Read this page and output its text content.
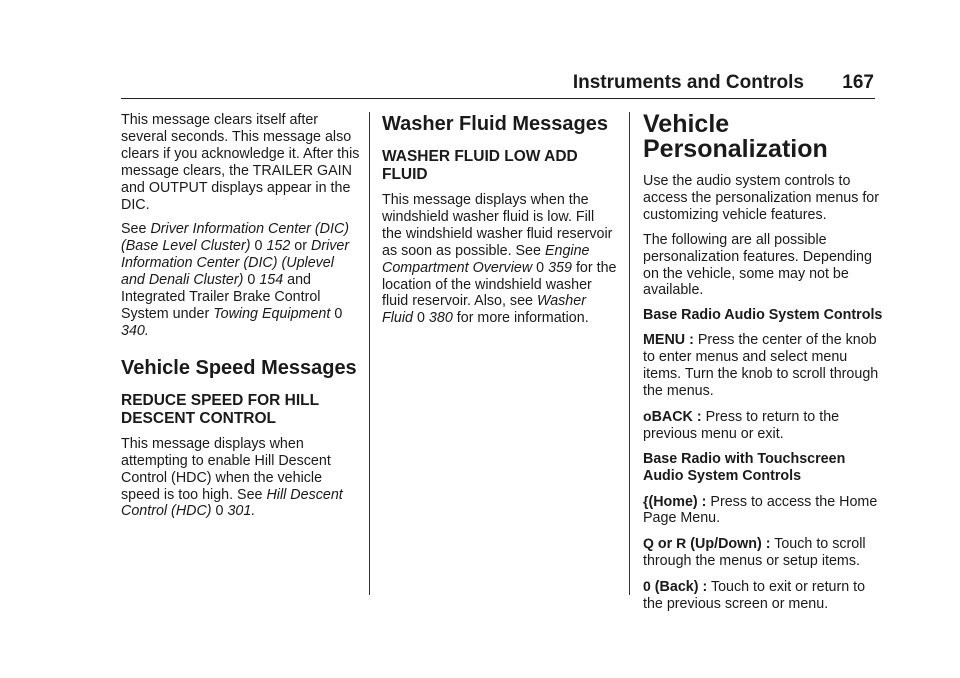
Instruments and Controls 167

This message clears itself after several seconds. This message also clears if you acknowledge it. After this message clears, the TRAILER GAIN and OUTPUT displays appear in the DIC.

See Driver Information Center (DIC) (Base Level Cluster) 0 152 or Driver Information Center (DIC) (Uplevel and Denali Cluster) 0 154 and Integrated Trailer Brake Control System under Towing Equipment 0 340.

Vehicle Speed Messages
REDUCE SPEED FOR HILL DESCENT CONTROL

This message displays when attempting to enable Hill Descent Control (HDC) when the vehicle speed is too high. See Hill Descent Control (HDC) 0 301.

Washer Fluid Messages
WASHER FLUID LOW ADD FLUID

This message displays when the windshield washer fluid is low. Fill the windshield washer fluid reservoir as soon as possible. See Engine Compartment Overview 0 359 for the location of the windshield washer fluid reservoir. Also, see Washer Fluid 0 380 for more information.

Vehicle Personalization

Use the audio system controls to access the personalization menus for customizing vehicle features.

The following are all possible personalization features. Depending on the vehicle, some may not be available.

Base Radio Audio System Controls

MENU : Press the center of the knob to enter menus and select menu items. Turn the knob to scroll through the menus.

oBACK : Press to return to the previous menu or exit.

Base Radio with Touchscreen Audio System Controls

{(Home) : Press to access the Home Page Menu.

Q or R (Up/Down) : Touch to scroll through the menus or setup items.

0 (Back) : Touch to exit or return to the previous screen or menu.
